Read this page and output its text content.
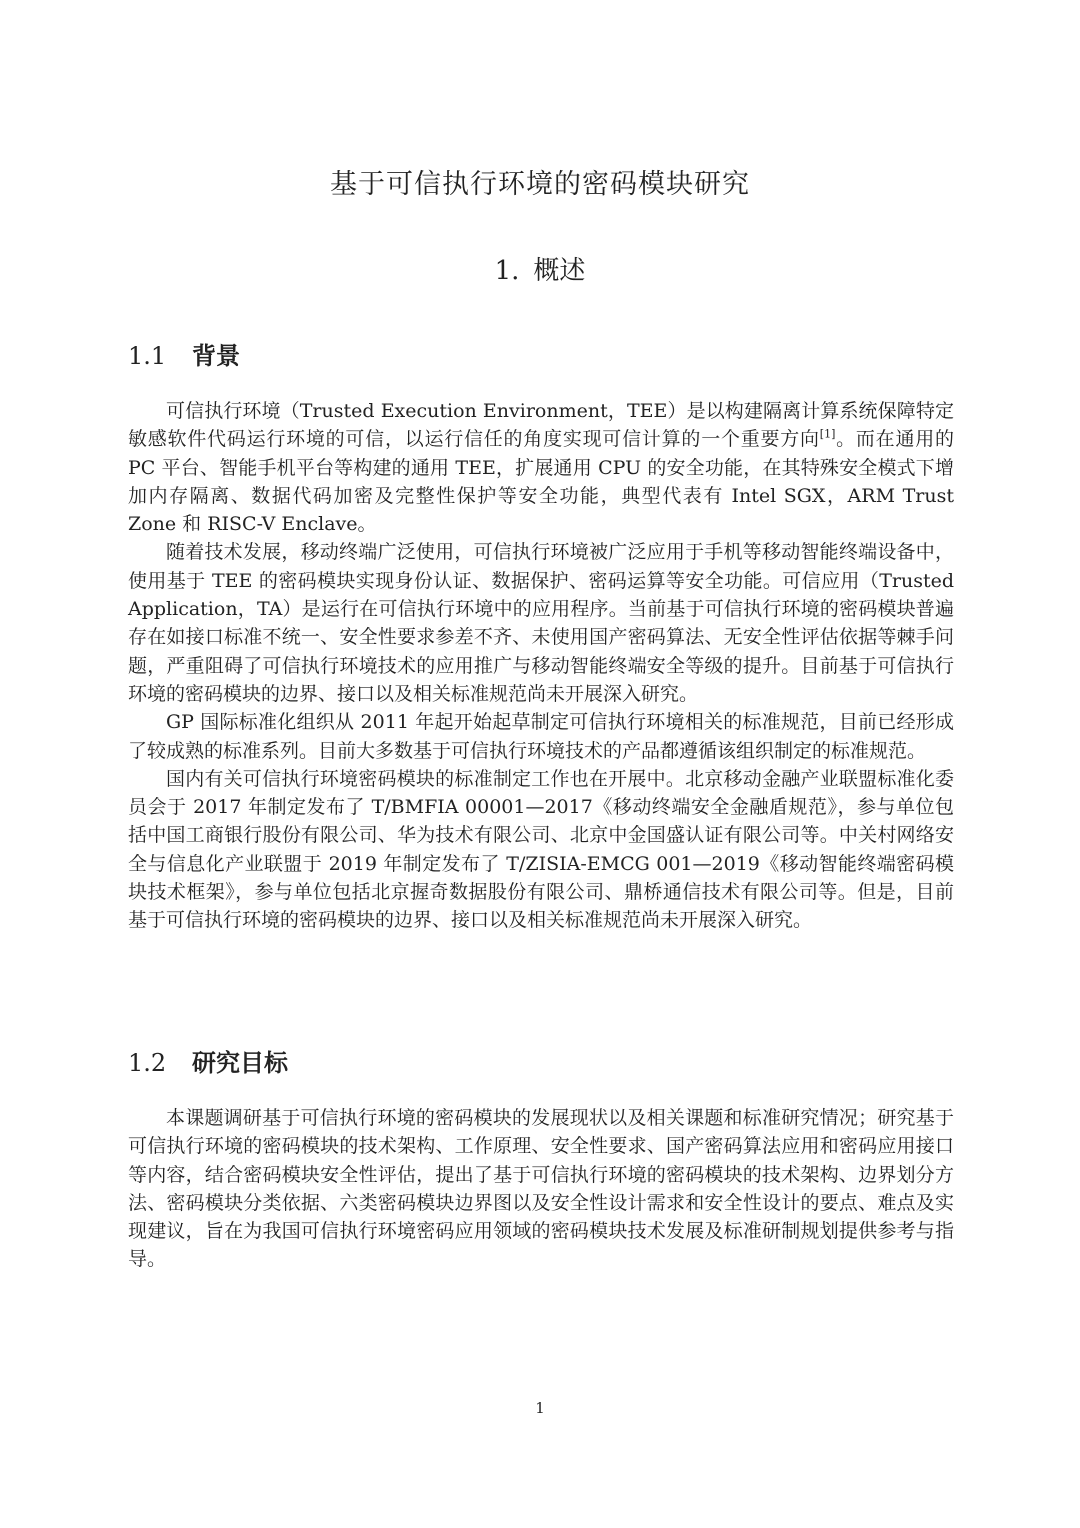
基于可信执行环境的密码模块研究
1. 概述
1.1 背景

可信执行环境（Trusted Execution Environment，TEE）是以构建隔离计算系统保障特定敏感软件代码运行环境的可信，以运行信任的角度实现可信计算的一个重要方向[1]。而在通用的 PC 平台、智能手机平台等构建的通用 TEE，扩展通用 CPU 的安全功能，在其特殊安全模式下增加内存隔离、数据代码加密及完整性保护等安全功能，典型代表有 Intel SGX，ARM Trust Zone 和 RISC-V Enclave。

随着技术发展，移动终端广泛使用，可信执行环境被广泛应用于手机等移动智能终端设备中，使用基于 TEE 的密码模块实现身份认证、数据保护、密码运算等安全功能。可信应用（Trusted Application，TA）是运行在可信执行环境中的应用程序。当前基于可信执行环境的密码模块普遍存在如接口标准不统一、安全性要求参差不齐、未使用国产密码算法、无安全性评估依据等棘手问题，严重阻碍了可信执行环境技术的应用推广与移动智能终端安全等级的提升。目前基于可信执行环境的密码模块的边界、接口以及相关标准规范尚未开展深入研究。

GP 国际标准化组织从 2011 年起开始起草制定可信执行环境相关的标准规范，目前已经形成了较成熟的标准系列。目前大多数基于可信执行环境技术的产品都遵循该组织制定的标准规范。

国内有关可信执行环境密码模块的标准制定工作也在开展中。北京移动金融产业联盟标准化委员会于 2017 年制定发布了 T/BMFIA 00001—2017《移动终端安全金融盾规范》，参与单位包括中国工商银行股份有限公司、华为技术有限公司、北京中金国盛认证有限公司等。中关村网络安全与信息化产业联盟于 2019 年制定发布了 T/ZISIA-EMCG 001—2019《移动智能终端密码模块技术框架》，参与单位包括北京握奇数据股份有限公司、鼎桥通信技术有限公司等。但是，目前基于可信执行环境的密码模块的边界、接口以及相关标准规范尚未开展深入研究。

1.2 研究目标

本课题调研基于可信执行环境的密码模块的发展现状以及相关课题和标准研究情况；研究基于可信执行环境的密码模块的技术架构、工作原理、安全性要求、国产密码算法应用和密码应用接口等内容，结合密码模块安全性评估，提出了基于可信执行环境的密码模块的技术架构、边界划分方法、密码模块分类依据、六类密码模块边界图以及安全性设计需求和安全性设计的要点、难点及实现建议，旨在为我国可信执行环境密码应用领域的密码模块技术发展及标准研制规划提供参考与指导。

1
